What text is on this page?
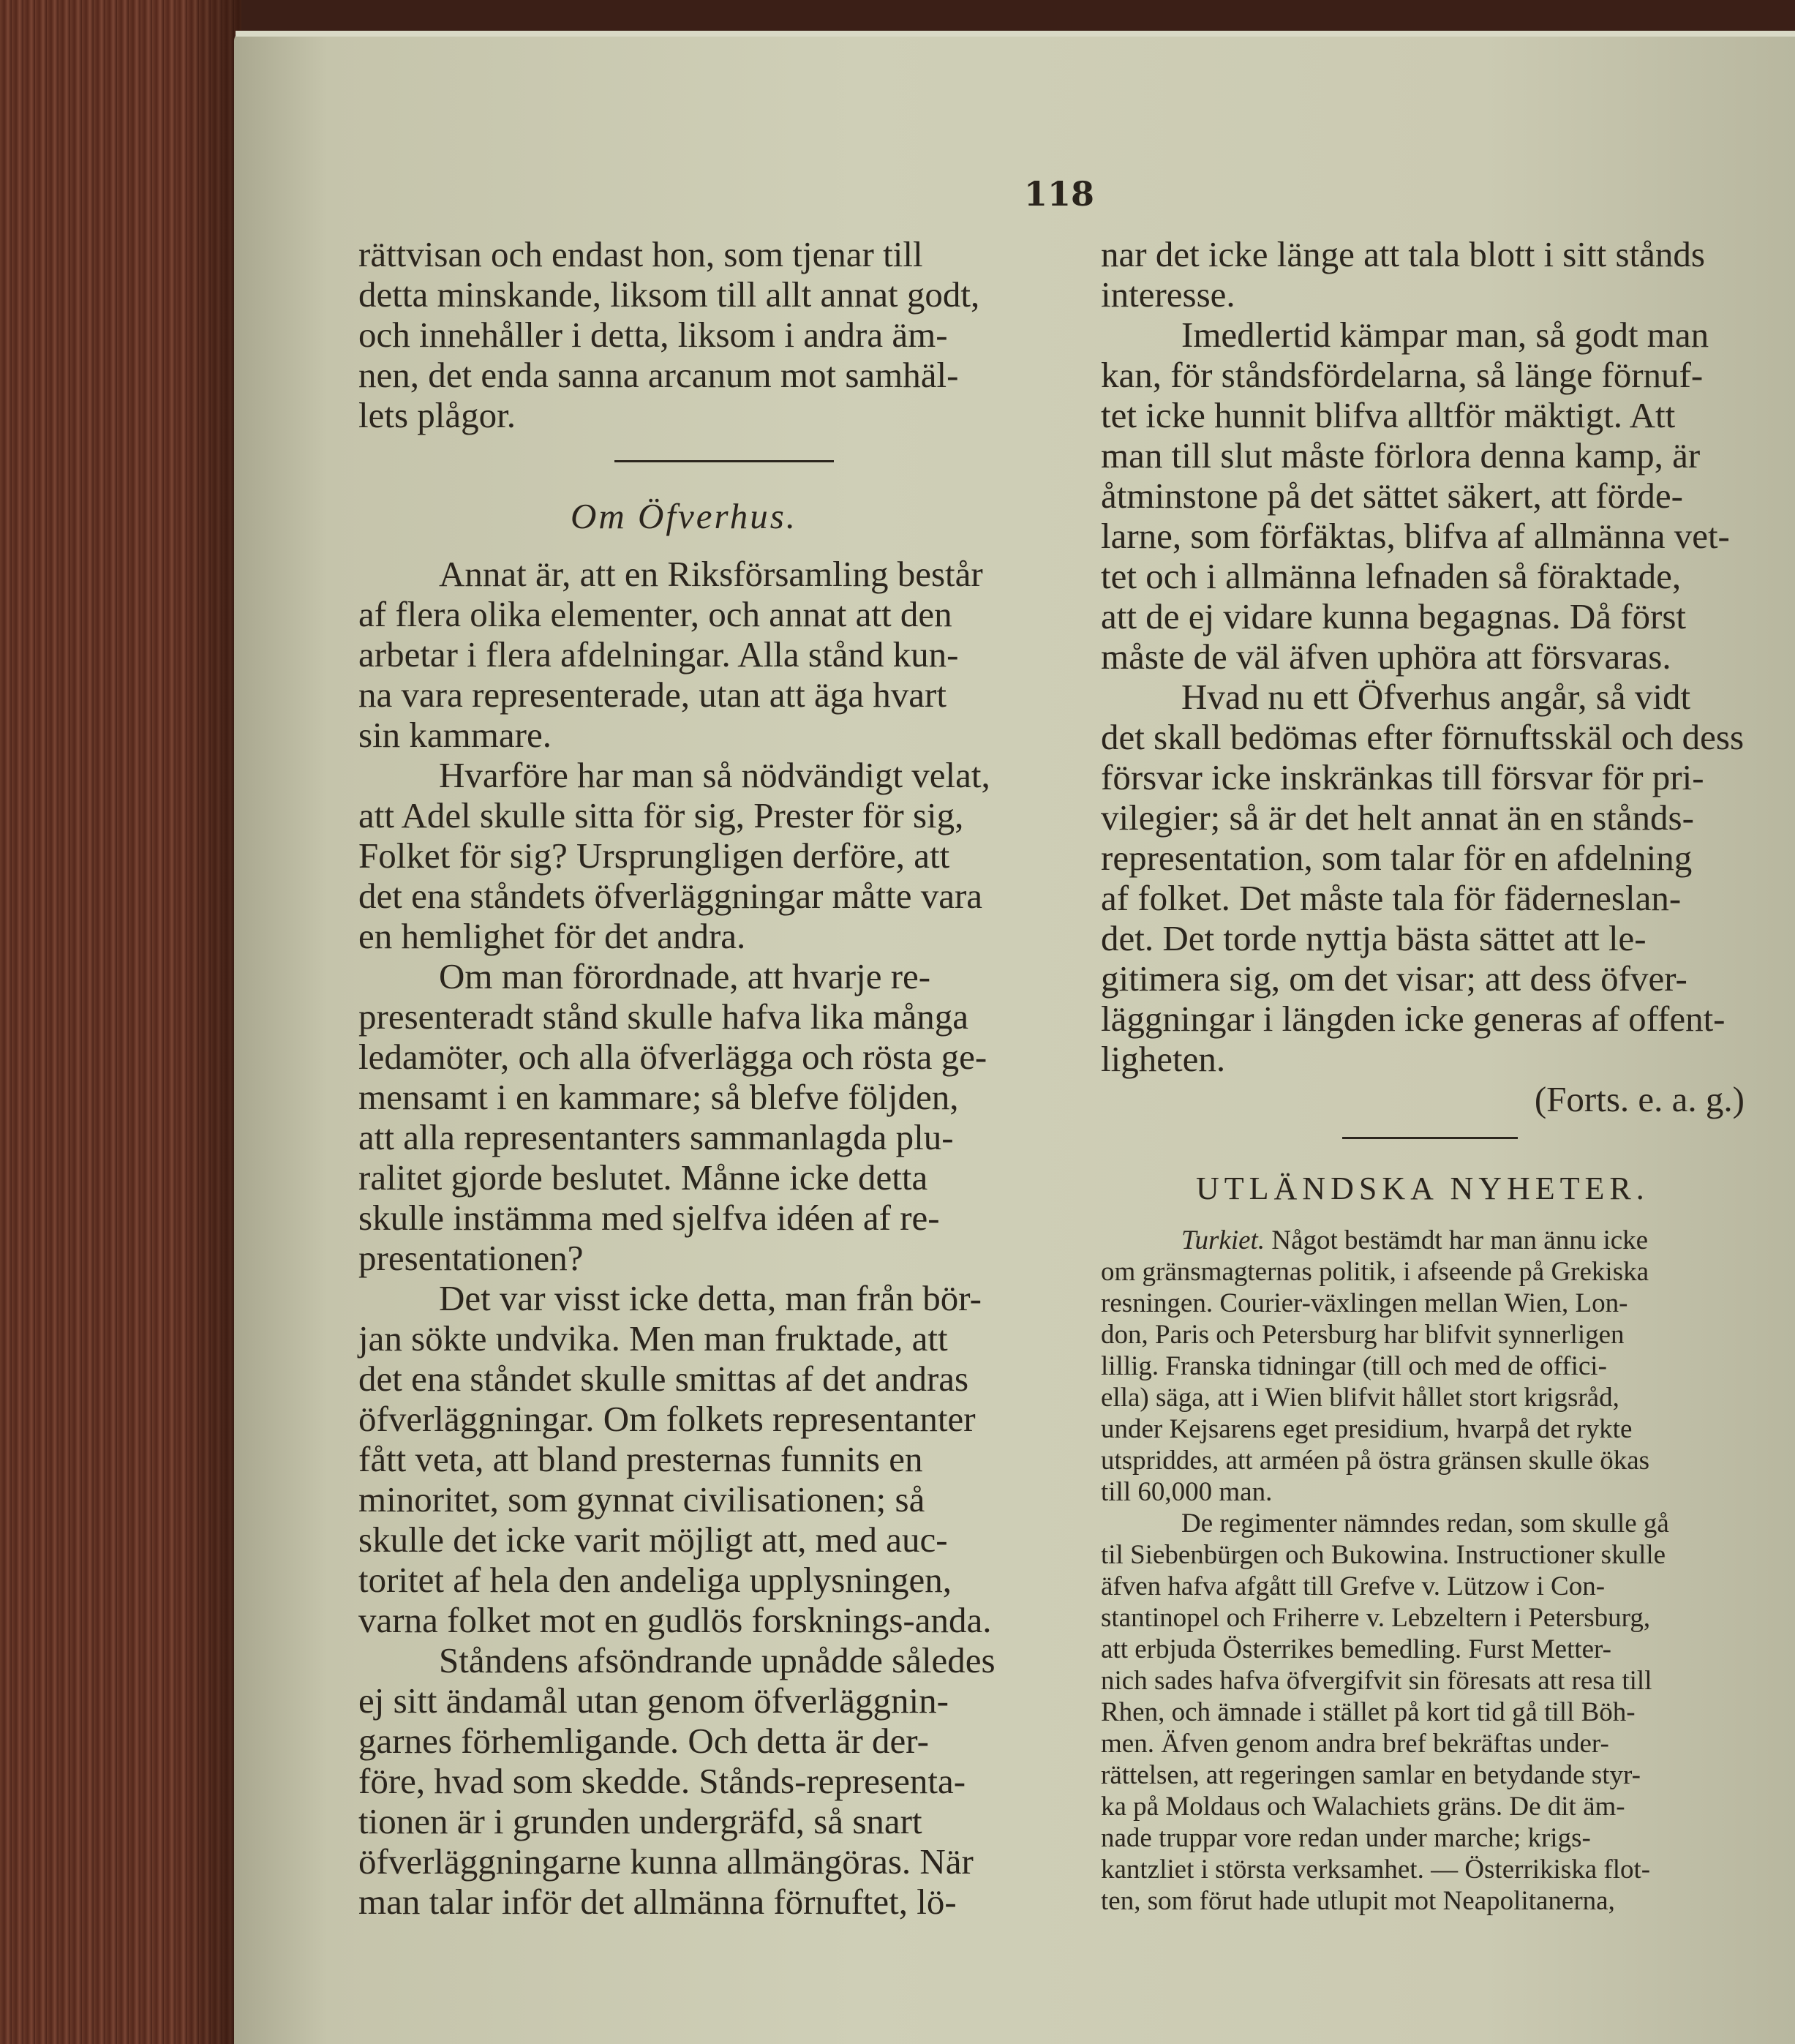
118
rättvisan och endast hon, som tjenar till
detta minskande, liksom till allt annat godt,
och innehåller i detta, liksom i andra äm-
nen, det enda sanna arcanum mot samhäl-
lets plågor.
Om Öfverhus.
Annat är, att en Riksförsamling består
af flera olika elementer, och annat att den
arbetar i flera afdelningar. Alla stånd kun-
na vara representerade, utan att äga hvart
sin kammare.
Hvarföre har man så nödvändigt velat,
att Adel skulle sitta för sig, Prester för sig,
Folket för sig? Ursprungligen derföre, att
det ena ståndets öfverläggningar måtte vara
en hemlighet för det andra.
Om man förordnade, att hvarje re-
presenteradt stånd skulle hafva lika många
ledamöter, och alla öfverlägga och rösta ge-
mensamt i en kammare; så blefve följden,
att alla representanters sammanlagda plu-
ralitet gjorde beslutet. Månne icke detta
skulle instämma med sjelfva idéen af re-
presentationen?
Det var visst icke detta, man från bör-
jan sökte undvika. Men man fruktade, att
det ena ståndet skulle smittas af det andras
öfverläggningar. Om folkets representanter
fått veta, att bland presternas funnits en
minoritet, som gynnat civilisationen; så
skulle det icke varit möjligt att, med auc-
toritet af hela den andeliga upplysningen,
varna folket mot en gudlös forsknings-anda.
Ståndens afsöndrande upnådde således
ej sitt ändamål utan genom öfverläggnin-
garnes förhemligande. Och detta är der-
före, hvad som skedde. Stånds-representa-
tionen är i grunden undergräfd, så snart
öfverläggningarne kunna allmängöras. När
man talar inför det allmänna förnuftet, lö-
nar det icke länge att tala blott i sitt stånds
interesse.
Imedlertid kämpar man, så godt man
kan, för ståndsfördelarna, så länge förnuf-
tet icke hunnit blifva alltför mäktigt. Att
man till slut måste förlora denna kamp, är
åtminstone på det sättet säkert, att förde-
larne, som förfäktas, blifva af allmänna vet-
tet och i allmänna lefnaden så föraktade,
att de ej vidare kunna begagnas. Då först
måste de väl äfven uphöra att försvaras.
Hvad nu ett Öfverhus angår, så vidt
det skall bedömas efter förnuftsskäl och dess
försvar icke inskränkas till försvar för pri-
vilegier; så är det helt annat än en stånds-
representation, som talar för en afdelning
af folket. Det måste tala för fäderneslan-
det. Det torde nyttja bästa sättet att le-
gitimera sig, om det visar; att dess öfver-
läggningar i längden icke generas af offent-
ligheten.
(Forts. e. a. g.)
UTLÄNDSKA NYHETER.
Turkiet. Något bestämdt har man ännu icke
om gränsmagternas politik, i afseende på Grekiska
resningen. Courier-växlingen mellan Wien, Lon-
don, Paris och Petersburg har blifvit synnerligen
lillig. Franska tidningar (till och med de offici-
ella) säga, att i Wien blifvit hållet stort krigsråd,
under Kejsarens eget presidium, hvarpå det rykte
utspriddes, att arméen på östra gränsen skulle ökas
till 60,000 man.
De regimenter nämndes redan, som skulle gå
til Siebenbürgen och Bukowina. Instructioner skulle
äfven hafva afgått till Grefve v. Lützow i Con-
stantinopel och Friherre v. Lebzeltern i Petersburg,
att erbjuda Österrikes bemedling. Furst Metter-
nich sades hafva öfvergifvit sin föresats att resa till
Rhen, och ämnade i stället på kort tid gå till Böh-
men. Äfven genom andra bref bekräftas under-
rättelsen, att regeringen samlar en betydande styr-
ka på Moldaus och Walachiets gräns. De dit äm-
nade truppar vore redan under marche; krigs-
kantzliet i största verksamhet. — Österrikiska flot-
ten, som förut hade utlupit mot Neapolitanerna,
